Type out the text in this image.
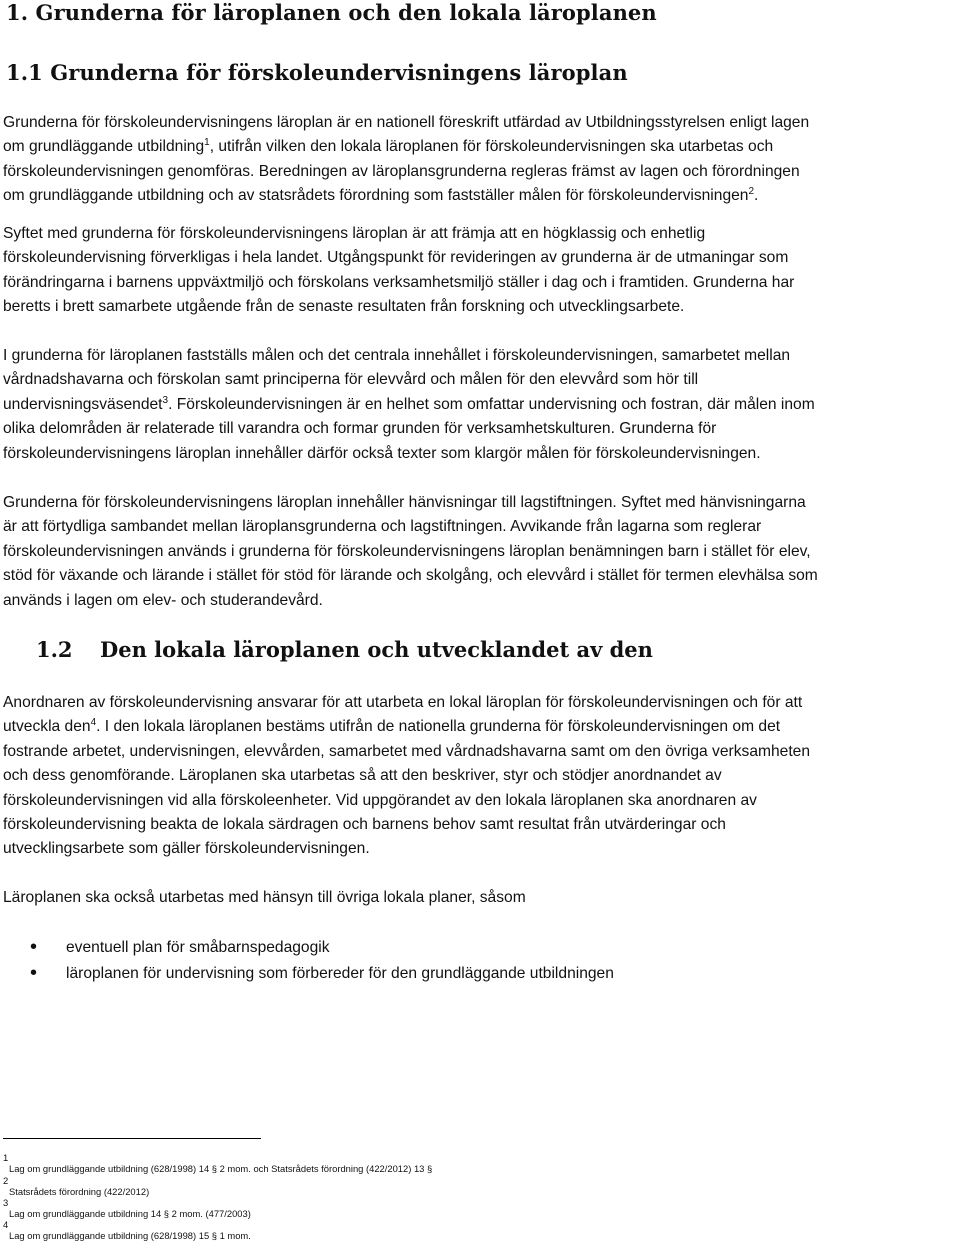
1. Grunderna för läroplanen och den lokala läroplanen
1.1 Grunderna för förskoleundervisningens läroplan
Grunderna för förskoleundervisningens läroplan är en nationell föreskrift utfärdad av Utbildningsstyrelsen enligt lagen
om grundläggande utbildning$^1$, utifrån vilken den lokala läroplanen för förskoleundervisningen ska utarbetas och
förskoleundervisningen genomföras. Beredningen av läroplansgrunderna regleras främst av lagen och förordningen
om grundläggande utbildning och av statsrådets förordning som fastställer målen för förskoleundervisningen$^2$.
Syftet med grunderna för förskoleundervisningens läroplan är att främja att en högklassig och enhetlig
förskoleundervisning förverkligas i hela landet. Utgångspunkt för revideringen av grunderna är de utmaningar som
förändringarna i barnens uppväxtmiljö och förskolans verksamhetsmiljö ställer i dag och i framtiden. Grunderna har
beretts i brett samarbete utgående från de senaste resultaten från forskning och utvecklingsarbete.
I grunderna för läroplanen fastställs målen och det centrala innehållet i förskoleundervisningen, samarbetet mellan
vårdnadshavarna och förskolan samt principerna för elevvård och målen för den elevvård som hör till
undervisningsväsendet$^3$. Förskoleundervisningen är en helhet som omfattar undervisning och fostran, där målen inom
olika delområden är relaterade till varandra och formar grunden för verksamhetskulturen. Grunderna för
förskoleundervisningens läroplan innehåller därför också texter som klargör målen för förskoleundervisningen.
Grunderna för förskoleundervisningens läroplan innehåller hänvisningar till lagstiftningen. Syftet med hänvisningarna
är att förtydliga sambandet mellan läroplansgrunderna och lagstiftningen. Avvikande från lagarna som reglerar
förskoleundervisningen används i grunderna för förskoleundervisningens läroplan benämningen barn i stället för elev,
stöd för växande och lärande i stället för stöd för lärande och skolgång, och elevvård i stället för termen elevhälsa som
används i lagen om elev- och studerandevård.
1.2 Den lokala läroplanen och utvecklandet av den
Anordnaren av förskoleundervisning ansvarar för att utarbeta en lokal läroplan för förskoleundervisningen och för att
utveckla den$^4$. I den lokala läroplanen bestäms utifrån de nationella grunderna för förskoleundervisningen om det
fostrande arbetet, undervisningen, elevvården, samarbetet med vårdnadshavarna samt om den övriga verksamheten
och dess genomförande. Läroplanen ska utarbetas så att den beskriver, styr och stödjer anordnandet av
förskoleundervisningen vid alla förskoleenheter. Vid uppgörandet av den lokala läroplanen ska anordnaren av
förskoleundervisning beakta de lokala särdragen och barnens behov samt resultat från utvärderingar och
utvecklingsarbete som gäller förskoleundervisningen.
Läroplanen ska också utarbetas med hänsyn till övriga lokala planer, såsom
• eventuell plan för småbarnspedagogik
• läroplanen för undervisning som förbereder för den grundläggande utbildningen
1
Lag om grundläggande utbildning (628/1998) 14 § 2 mom. och Statsrådets förordning (422/2012) 13 §
2
Statsrådets förordning (422/2012)
3
Lag om grundläggande utbildning 14 § 2 mom. (477/2003)
4
Lag om grundläggande utbildning (628/1998) 15 § 1 mom.
